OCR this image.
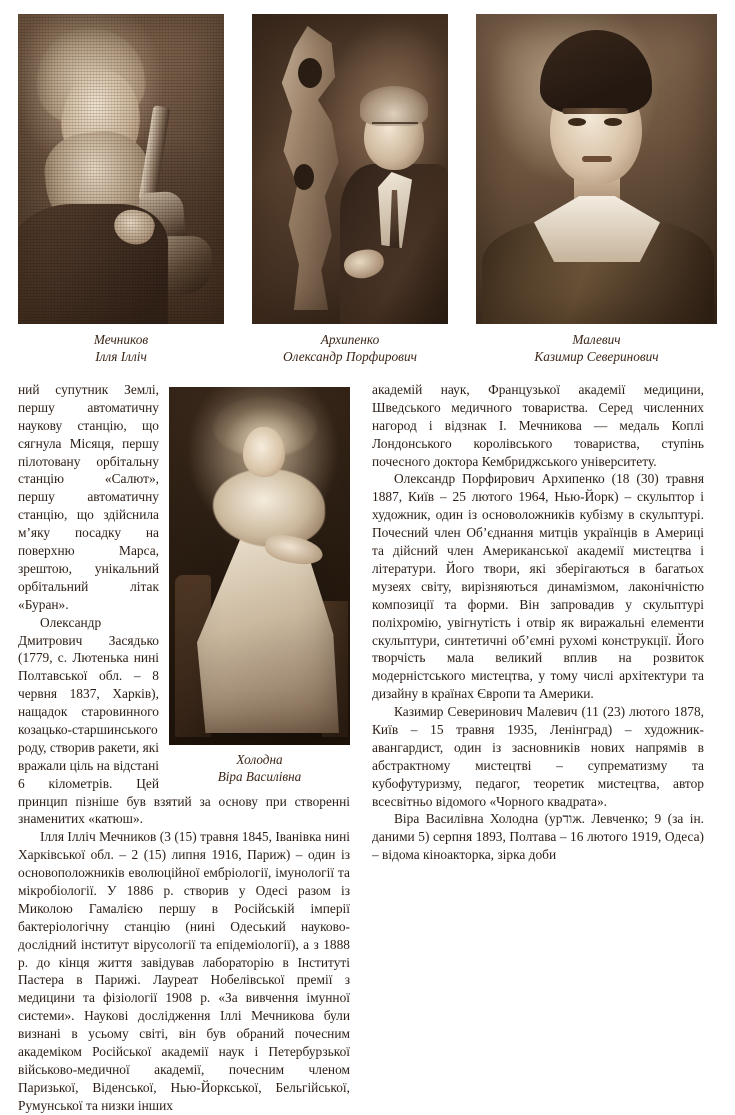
Мечников
Ілля Ілліч
Архипенко
Олександр Порфирович
Малевич
Казимир Северинович
Холодна
Віра Василівна

ний супутник Землі, першу автоматичну наукову станцію, що сягнула Місяця, першу пілотовану орбітальну станцію «Салют», першу автоматичну станцію, що здійснила м’яку посадку на поверхню Марса, зрештою, унікальний орбітальний літак «Буран».

Олександр Дмитрович Засядько (1779, с. Лютенька нині Полтавської обл. – 8 червня 1837, Харків), нащадок старовинного козацько-старшинського роду, створив ракети, які вражали ціль на відстані 6 кілометрів. Цей принцип пізніше був взятий за основу при створенні знаменитих «катюш».

Ілля Ілліч Мечников (3 (15) травня 1845, Іванівка нині Харківської обл. – 2 (15) липня 1916, Париж) – один із основоположників еволюційної ембріології, імунології та мікробіології. У 1886 р. створив у Одесі разом із Миколою Гамалією першу в Російській імперії бактеріологічну станцію (нині Одеський науково-дослідний інститут вірусології та епідеміології), а з 1888 р. до кінця життя завідував лабораторію в Інституті Пастера в Парижі. Лауреат Нобелівської премії з медицини та фізіології 1908 р. «За вивчення імунної системи». Наукові дослідження Іллі Мечникова були визнані в усьому світі, він був обраний почесним академіком Російської академії наук і Петербурзької військово-медичної академії, почесним членом Паризької, Віденської, Нью-Йоркської, Бельгійської, Румунської та низки інших

академій наук, Французької академії медицини, Шведського медичного товариства. Серед численних нагород і відзнак І. Мечникова — медаль Коплі Лондонського королівського товариства, ступінь почесного доктора Кембриджського університету.

Олександр Порфирович Архипенко (18 (30) травня 1887, Київ – 25 лютого 1964, Нью-Йорк) – скульптор і художник, один із основоложників кубізму в скульптурі. Почесний член Об’єднання митців українців в Америці та дійсний член Американської академії мистецтва і літератури. Його твори, які зберігаються в багатьох музеях світу, вирізняються динамізмом, лаконічністю композиції та форми. Він запровадив у скульптурі поліхромію, увігнутість і отвір як виражальні елементи скульптури, синтетичні об’ємні рухомі конструкції. Його творчість мала великий вплив на розвиток модерністського мистецтва, у тому числі архітектури та дизайну в країнах Європи та Америки.

Казимир Северинович Малевич (11 (23) лютого 1878, Київ – 15 травня 1935, Ленінград) – художник-авангардист, один із засновників нових напрямів в абстрактному мистецтві – супрематизму та кубофутуризму, педагог, теоретик мистецтва, автор всесвітньо відомого «Чорного квадрата».

Віра Василівна Холодна (урודж. Левченко; 9 (за ін. даними 5) серпня 1893, Полтава – 16 лютого 1919, Одеса) – відома кіноакторка, зірка доби
